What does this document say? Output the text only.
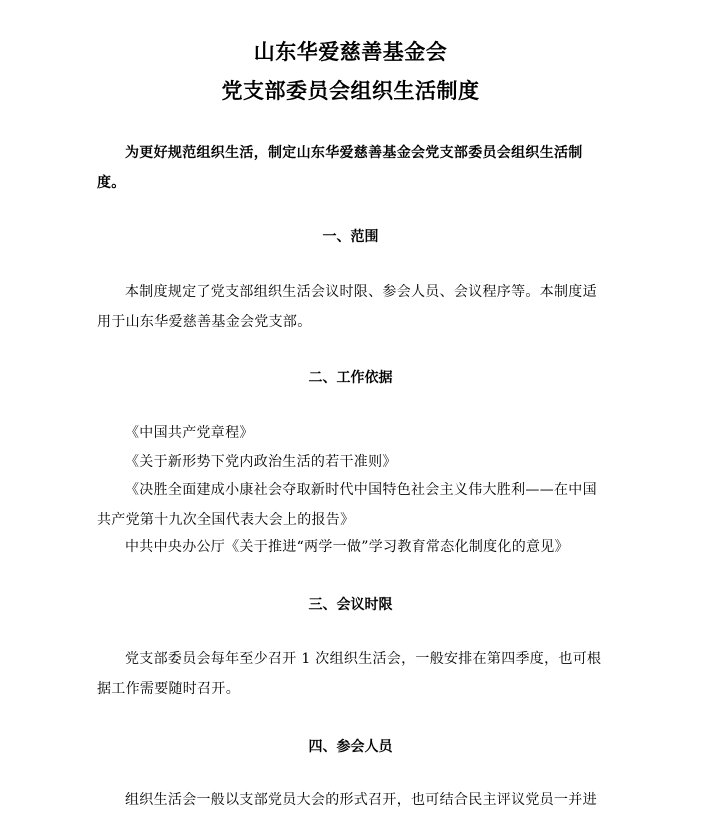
山东华爱慈善基金会
党支部委员会组织生活制度
为更好规范组织生活，制定山东华爱慈善基金会党支部委员会组织生活制度。
一、范围
本制度规定了党支部组织生活会议时限、参会人员、会议程序等。本制度适用于山东华爱慈善基金会党支部。
二、工作依据
《中国共产党章程》
《关于新形势下党内政治生活的若干准则》
《决胜全面建成小康社会夺取新时代中国特色社会主义伟大胜利——在中国共产党第十九次全国代表大会上的报告》
中共中央办公厅《关于推进“两学一做”学习教育常态化制度化的意见》
三、会议时限
党支部委员会每年至少召开 1 次组织生活会，一般安排在第四季度，也可根据工作需要随时召开。
四、参会人员
组织生活会一般以支部党员大会的形式召开，也可结合民主评议党员一并进
